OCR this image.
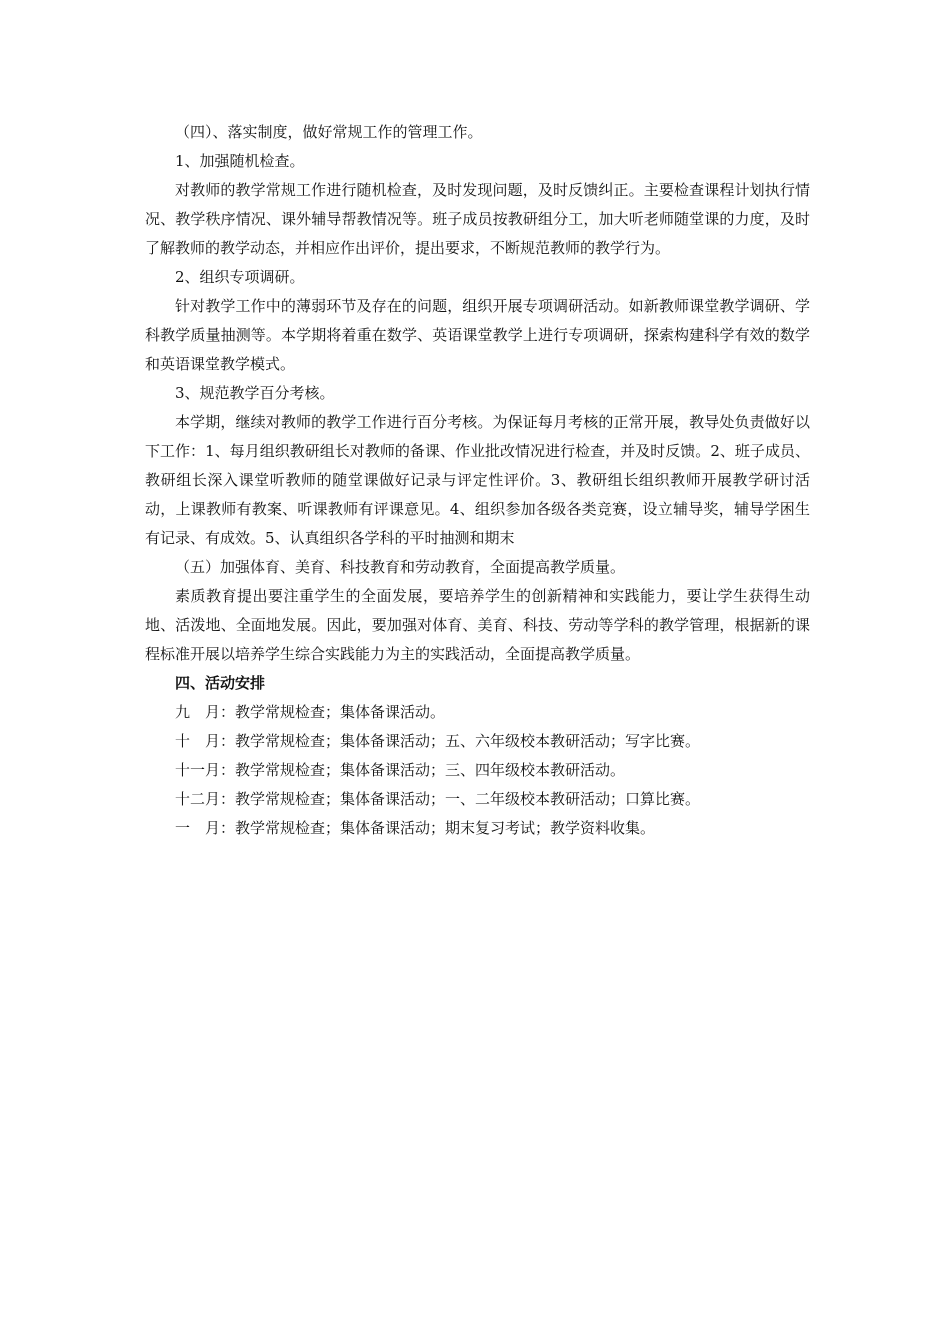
（四）、落实制度，做好常规工作的管理工作。

1、加强随机检查。

对教师的教学常规工作进行随机检查，及时发现问题，及时反馈纠正。主要检查课程计划执行情况、教学秩序情况、课外辅导帮教情况等。班子成员按教研组分工，加大听老师随堂课的力度，及时了解教师的教学动态，并相应作出评价，提出要求，不断规范教师的教学行为。

2、组织专项调研。

针对教学工作中的薄弱环节及存在的问题，组织开展专项调研活动。如新教师课堂教学调研、学科教学质量抽测等。本学期将着重在数学、英语课堂教学上进行专项调研，探索构建科学有效的数学和英语课堂教学模式。

3、规范教学百分考核。

本学期，继续对教师的教学工作进行百分考核。为保证每月考核的正常开展，教导处负责做好以下工作：1、每月组织教研组长对教师的备课、作业批改情况进行检查，并及时反馈。2、班子成员、教研组长深入课堂听教师的随堂课做好记录与评定性评价。3、教研组长组织教师开展教学研讨活动，上课教师有教案、听课教师有评课意见。4、组织参加各级各类竞赛，设立辅导奖，辅导学困生有记录、有成效。5、认真组织各学科的平时抽测和期末

（五）加强体育、美育、科技教育和劳动教育，全面提高教学质量。

素质教育提出要注重学生的全面发展，要培养学生的创新精神和实践能力，要让学生获得生动地、活泼地、全面地发展。因此，要加强对体育、美育、科技、劳动等学科的教学管理，根据新的课程标准开展以培养学生综合实践能力为主的实践活动，全面提高教学质量。

四、活动安排

九　月：教学常规检查；集体备课活动。

十　月：教学常规检查；集体备课活动；五、六年级校本教研活动；写字比赛。

十一月：教学常规检查；集体备课活动；三、四年级校本教研活动。

十二月：教学常规检查；集体备课活动；一、二年级校本教研活动；口算比赛。

一　月：教学常规检查；集体备课活动；期末复习考试；教学资料收集。
